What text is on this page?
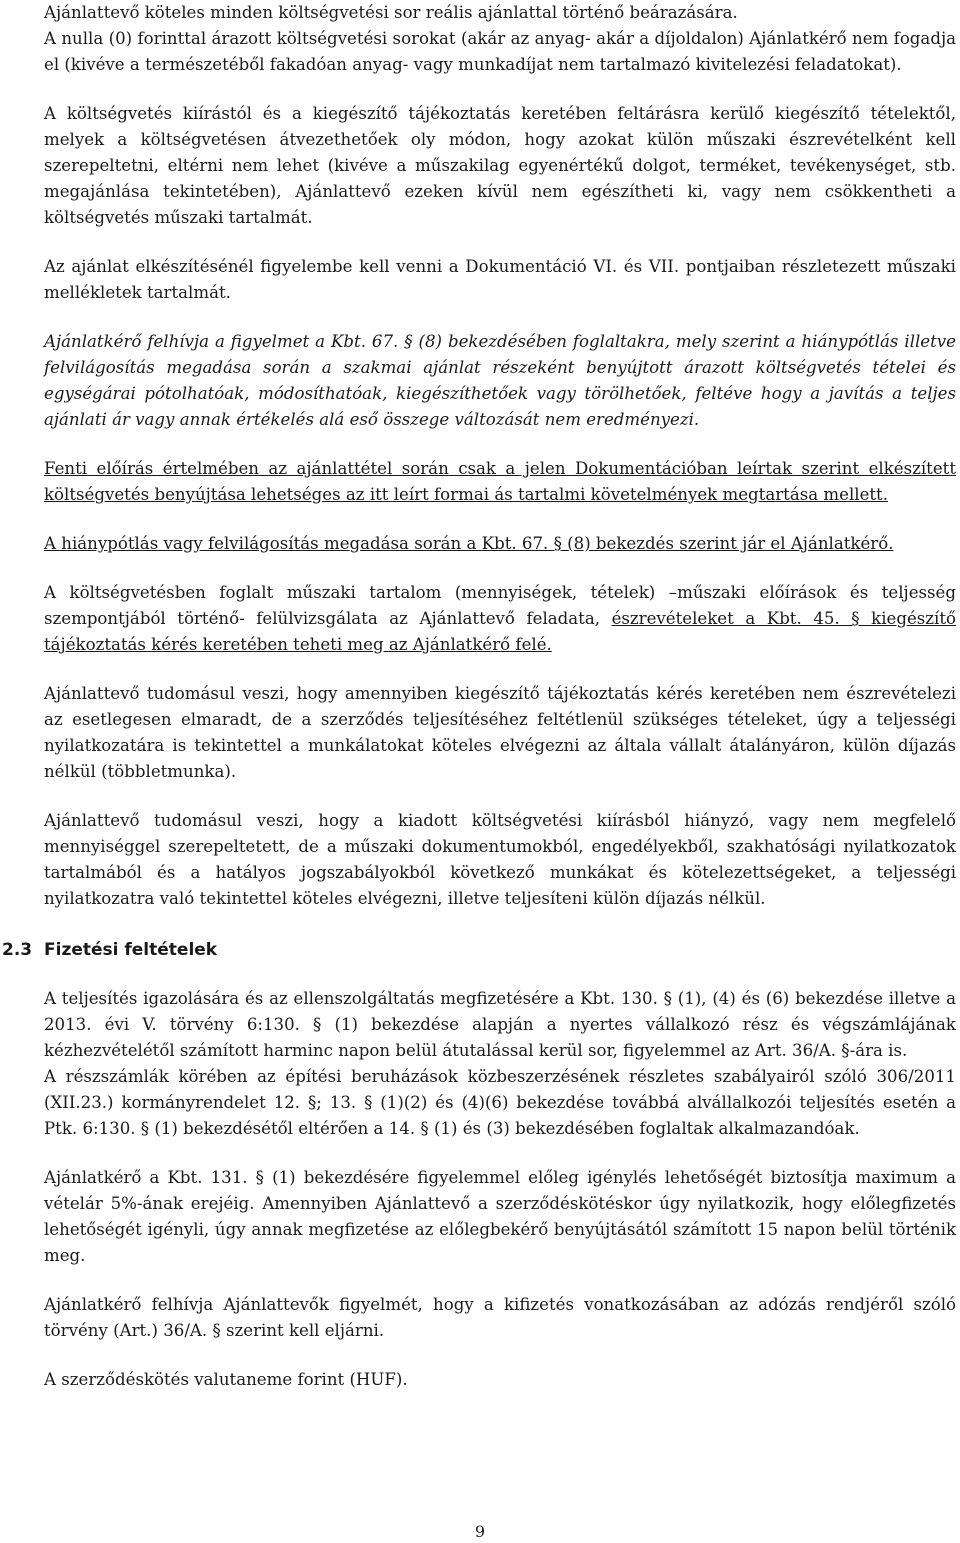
Ajánlattevő köteles minden költségvetési sor reális ajánlattal történő beárazására.

A nulla (0) forinttal árazott költségvetési sorokat (akár az anyag- akár a díjoldalon) Ajánlatkérő nem fogadja el (kivéve a természetéből fakadóan anyag- vagy munkadíjat nem tartalmazó kivitelezési feladatokat).

A költségvetés kiírástól és a kiegészítő tájékoztatás keretében feltárásra kerülő kiegészítő tételektől, melyek a költségvetésen átvezethetőek oly módon, hogy azokat külön műszaki észrevételként kell szerepeltetni, eltérni nem lehet (kivéve a műszakilag egyenértékű dolgot, terméket, tevékenységet, stb. megajánlása tekintetében), Ajánlattevő ezeken kívül nem egészítheti ki, vagy nem csökkentheti a költségvetés műszaki tartalmát.

Az ajánlat elkészítésénél figyelembe kell venni a Dokumentáció VI. és VII. pontjaiban részletezett műszaki mellékletek tartalmát.

Ajánlatkérő felhívja a figyelmet a Kbt. 67. § (8) bekezdésében foglaltakra, mely szerint a hiánypótlás illetve felvilágosítás megadása során a szakmai ajánlat részeként benyújtott árazott költségvetés tételei és egységárai pótolhatóak, módosíthatóak, kiegészíthetőek vagy törölhetőek, feltéve hogy a javítás a teljes ajánlati ár vagy annak értékelés alá eső összege változását nem eredményezi.

Fenti előírás értelmében az ajánlattétel során csak a jelen Dokumentációban leírtak szerint elkészített költségvetés benyújtása lehetséges az itt leírt formai ás tartalmi követelmények megtartása mellett.

A hiánypótlás vagy felvilágosítás megadása során a Kbt. 67. § (8) bekezdés szerint jár el Ajánlatkérő.

A költségvetésben foglalt műszaki tartalom (mennyiségek, tételek) –műszaki előírások és teljesség szempontjából történő- felülvizsgálata az Ajánlattevő feladata, észrevételeket a Kbt. 45. § kiegészítő tájékoztatás kérés keretében teheti meg az Ajánlatkérő felé.

Ajánlattevő tudomásul veszi, hogy amennyiben kiegészítő tájékoztatás kérés keretében nem észrevételezi az esetlegesen elmaradt, de a szerződés teljesítéséhez feltétlenül szükséges tételeket, úgy a teljességi nyilatkozatára is tekintettel a munkálatokat köteles elvégezni az általa vállalt átalányáron, külön díjazás nélkül (többletmunka).

Ajánlattevő tudomásul veszi, hogy a kiadott költségvetési kiírásból hiányzó, vagy nem megfelelő mennyiséggel szerepeltetett, de a műszaki dokumentumokból, engedélyekből, szakhatósági nyilatkozatok tartalmából és a hatályos jogszabályokból következő munkákat és kötelezettségeket, a teljességi nyilatkozatra való tekintettel köteles elvégezni, illetve teljesíteni külön díjazás nélkül.

2.3 Fizetési feltételek

A teljesítés igazolására és az ellenszolgáltatás megfizetésére a Kbt. 130. § (1), (4) és (6) bekezdése illetve a 2013. évi V. törvény 6:130. § (1) bekezdése alapján a nyertes vállalkozó rész és végszámlájának kézhezvételétől számított harminc napon belül átutalással kerül sor, figyelemmel az Art. 36/A. §-ára is.

A részszámlák körében az építési beruházások közbeszerzésének részletes szabályairól szóló 306/2011 (XII.23.) kormányrendelet 12. §; 13. § (1)(2) és (4)(6) bekezdése továbbá alvállalkozói teljesítés esetén a Ptk. 6:130. § (1) bekezdésétől eltérően a 14. § (1) és (3) bekezdésében foglaltak alkalmazandóak.

Ajánlatkérő a Kbt. 131. § (1) bekezdésére figyelemmel előleg igénylés lehetőségét biztosítja maximum a vételár 5%-ának erejéig. Amennyiben Ajánlattevő a szerződéskötéskor úgy nyilatkozik, hogy előlegfizetés lehetőségét igényli, úgy annak megfizetése az előlegbekérő benyújtásától számított 15 napon belül történik meg.

Ajánlatkérő felhívja Ajánlattevők figyelmét, hogy a kifizetés vonatkozásában az adózás rendjéről szóló törvény (Art.) 36/A. § szerint kell eljárni.

A szerződéskötés valutaneme forint (HUF).

9
